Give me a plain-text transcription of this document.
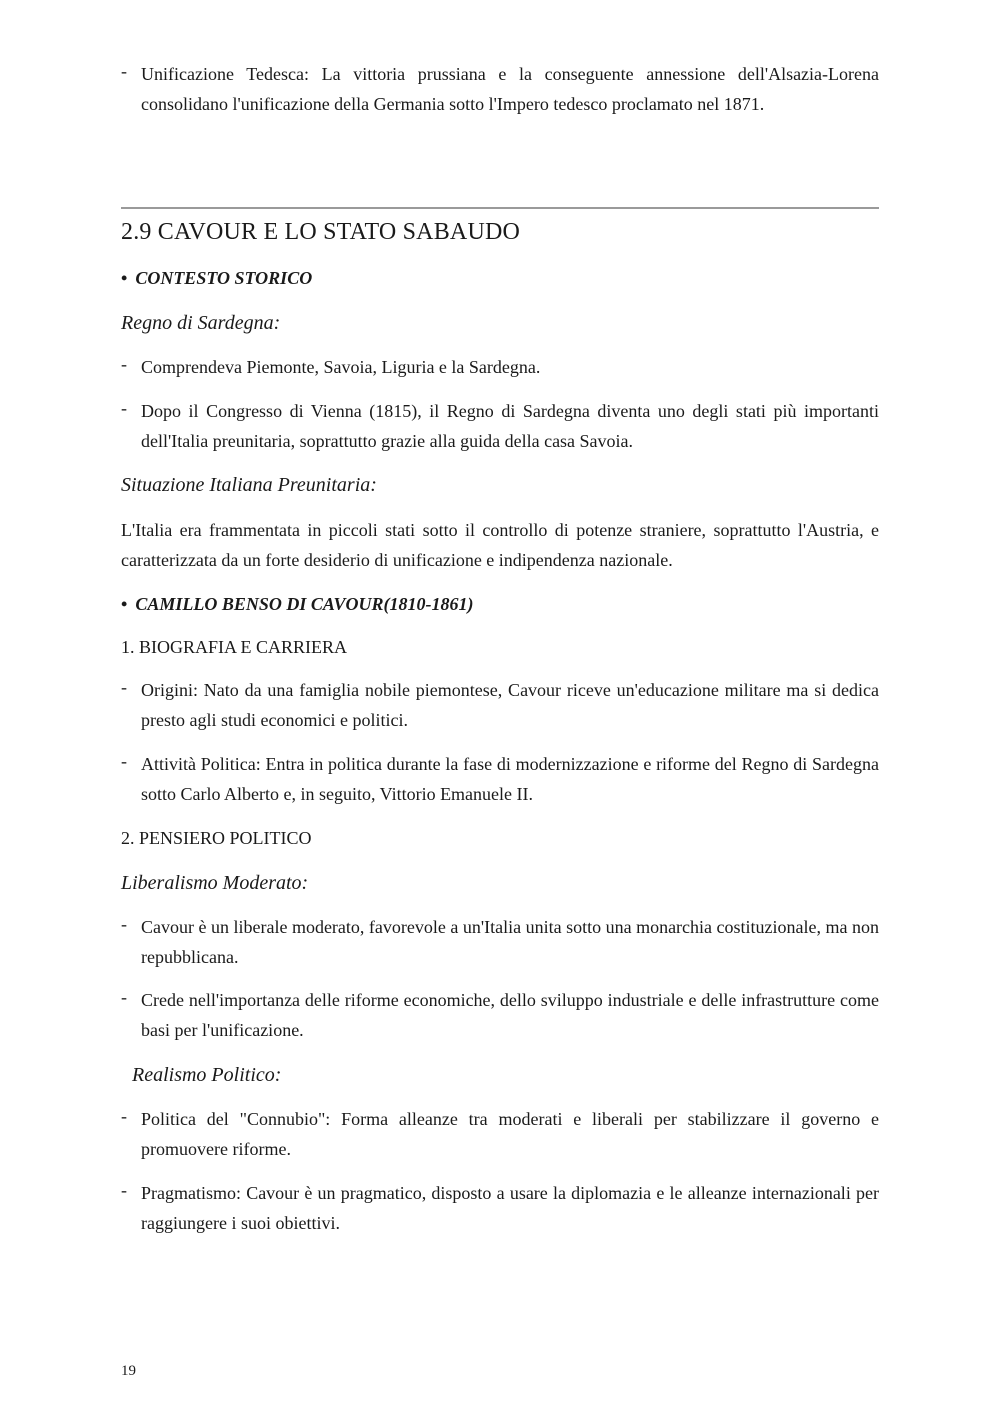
- Unificazione Tedesca: La vittoria prussiana e la conseguente annessione dell'Alsazia-Lorena consolidano l'unificazione della Germania sotto l'Impero tedesco proclamato nel 1871.
2.9 CAVOUR E LO STATO SABAUDO
• CONTESTO STORICO
Regno di Sardegna:
- Comprendeva Piemonte, Savoia, Liguria e la Sardegna.
- Dopo il Congresso di Vienna (1815), il Regno di Sardegna diventa uno degli stati più importanti dell'Italia preunitaria, soprattutto grazie alla guida della casa Savoia.
Situazione Italiana Preunitaria:
L'Italia era frammentata in piccoli stati sotto il controllo di potenze straniere, soprattutto l'Austria, e caratterizzata da un forte desiderio di unificazione e indipendenza nazionale.
• CAMILLO BENSO DI CAVOUR(1810-1861)
1. BIOGRAFIA E CARRIERA
- Origini: Nato da una famiglia nobile piemontese, Cavour riceve un'educazione militare ma si dedica presto agli studi economici e politici.
- Attività Politica: Entra in politica durante la fase di modernizzazione e riforme del Regno di Sardegna sotto Carlo Alberto e, in seguito, Vittorio Emanuele II.
2. PENSIERO POLITICO
Liberalismo Moderato:
- Cavour è un liberale moderato, favorevole a un'Italia unita sotto una monarchia costituzionale, ma non repubblicana.
- Crede nell'importanza delle riforme economiche, dello sviluppo industriale e delle infrastrutture come basi per l'unificazione.
Realismo Politico:
- Politica del "Connubio": Forma alleanze tra moderati e liberali per stabilizzare il governo e promuovere riforme.
- Pragmatismo: Cavour è un pragmatico, disposto a usare la diplomazia e le alleanze internazionali per raggiungere i suoi obiettivi.
19
